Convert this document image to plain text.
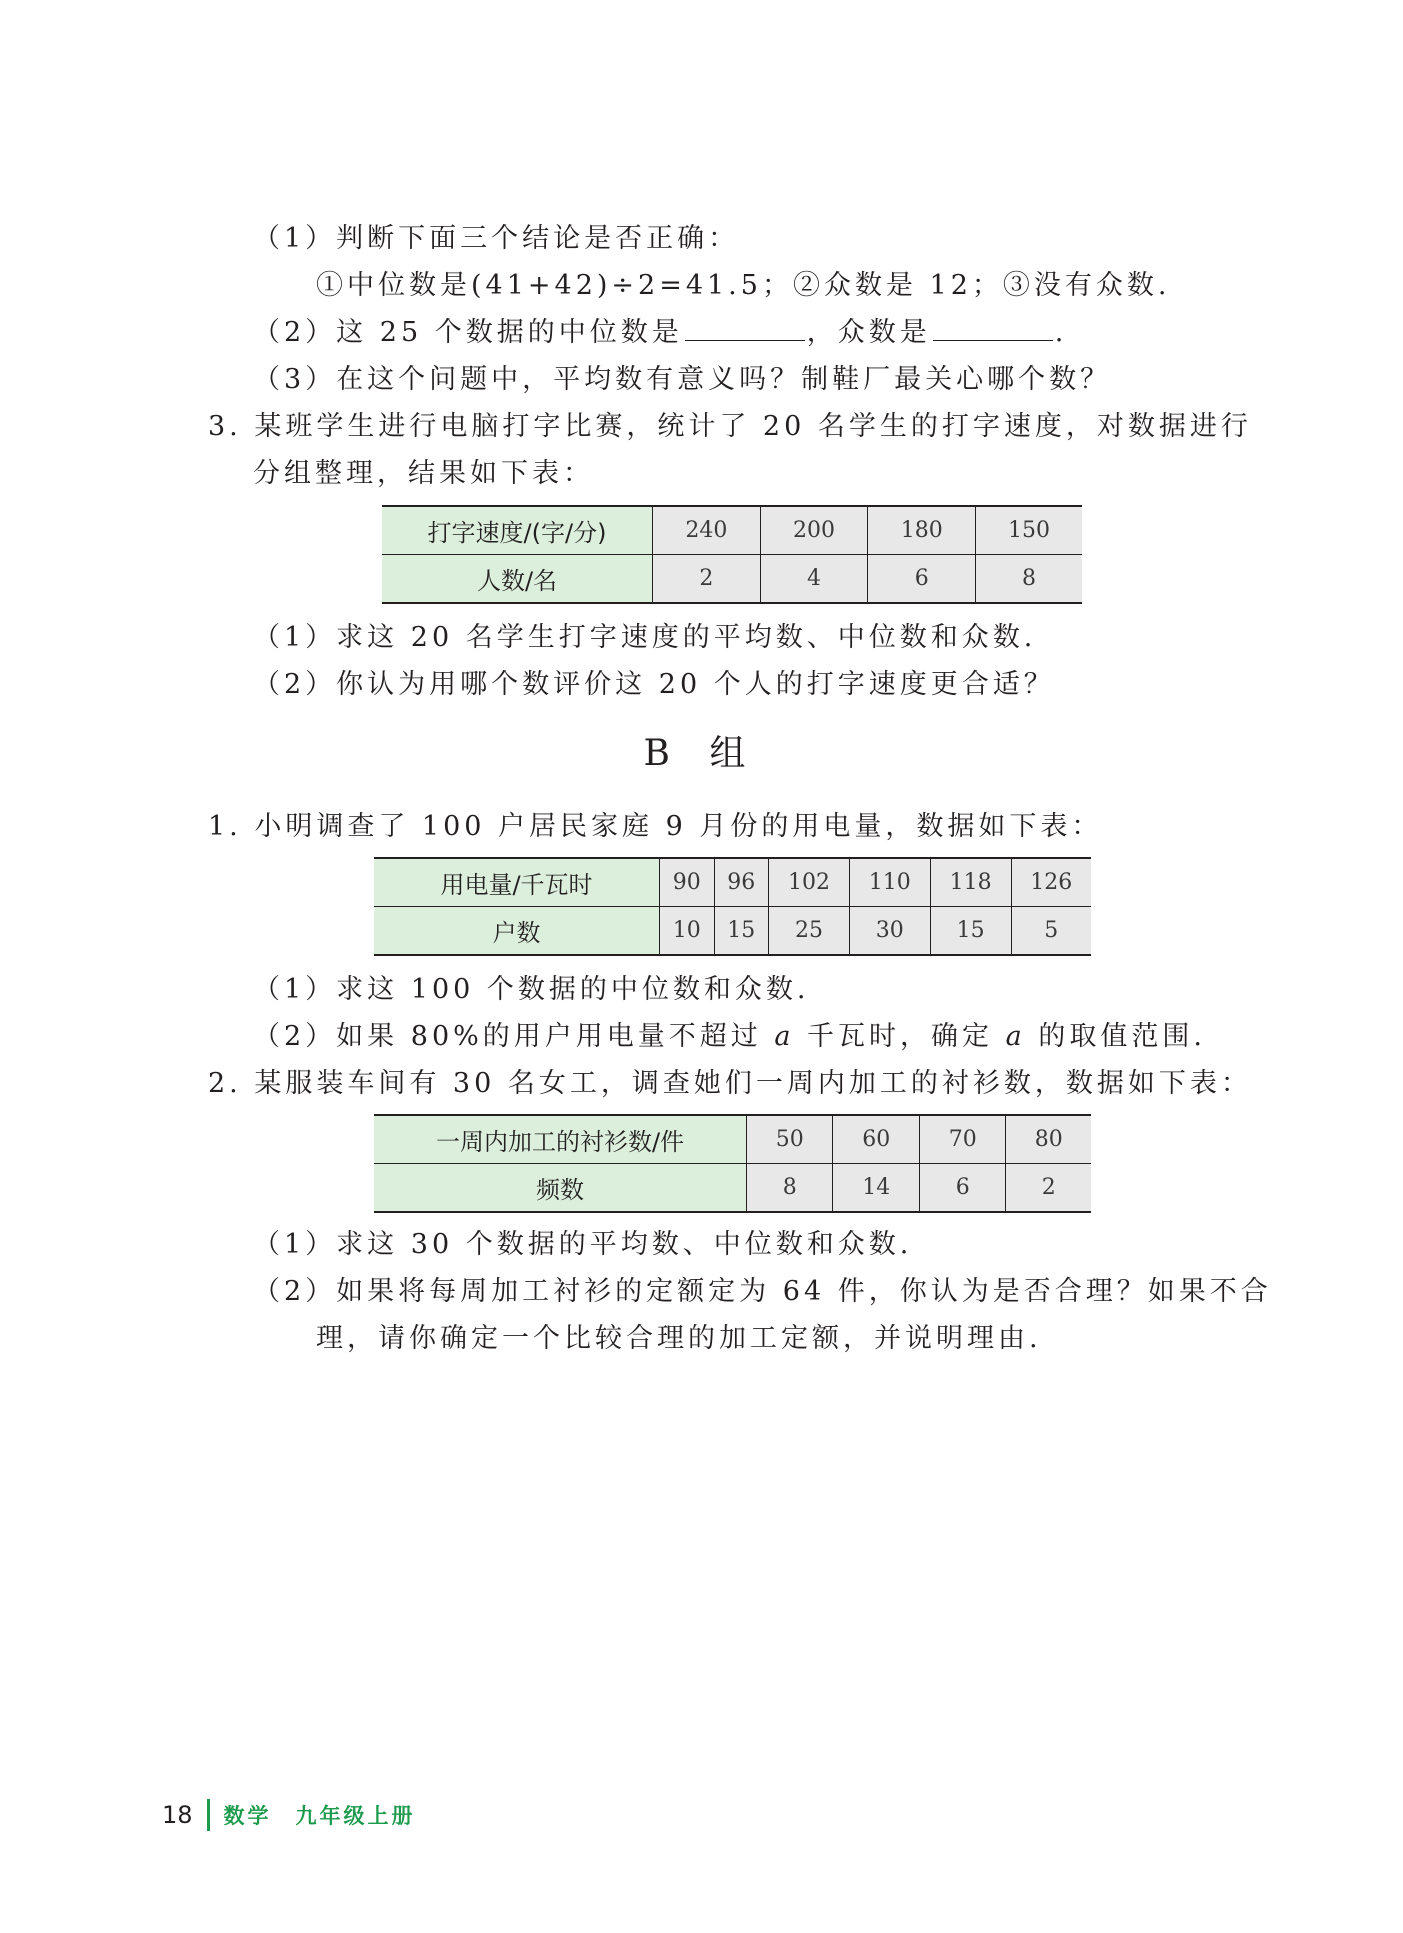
（1）判断下面三个结论是否正确：
①中位数是(41+42)÷2=41.5；②众数是 12；③没有众数.
（2）这 25 个数据的中位数是	，众数是	.
（3）在这个问题中，平均数有意义吗？制鞋厂最关心哪个数？
3. 某班学生进行电脑打字比赛，统计了 20 名学生的打字速度，对数据进行
分组整理，结果如下表：
打字速度/(字/分)	240	200	180	150
人数/名	2	4	6	8
（1）求这 20 名学生打字速度的平均数、中位数和众数.
（2）你认为用哪个数评价这 20 个人的打字速度更合适？
B 组
1. 小明调查了 100 户居民家庭 9 月份的用电量，数据如下表：
用电量/千瓦时	90	96	102	110	118	126
户数	10	15	25	30	15	5
（1）求这 100 个数据的中位数和众数.
（2）如果 80%的用户用电量不超过 a 千瓦时，确定 a 的取值范围.
2. 某服装车间有 30 名女工，调查她们一周内加工的衬衫数，数据如下表：
一周内加工的衬衫数/件	50	60	70	80
频数	8	14	6	2
（1）求这 30 个数据的平均数、中位数和众数.
（2）如果将每周加工衬衫的定额定为 64 件，你认为是否合理？如果不合
理，请你确定一个比较合理的加工定额，并说明理由.
18 数学　九年级上册
